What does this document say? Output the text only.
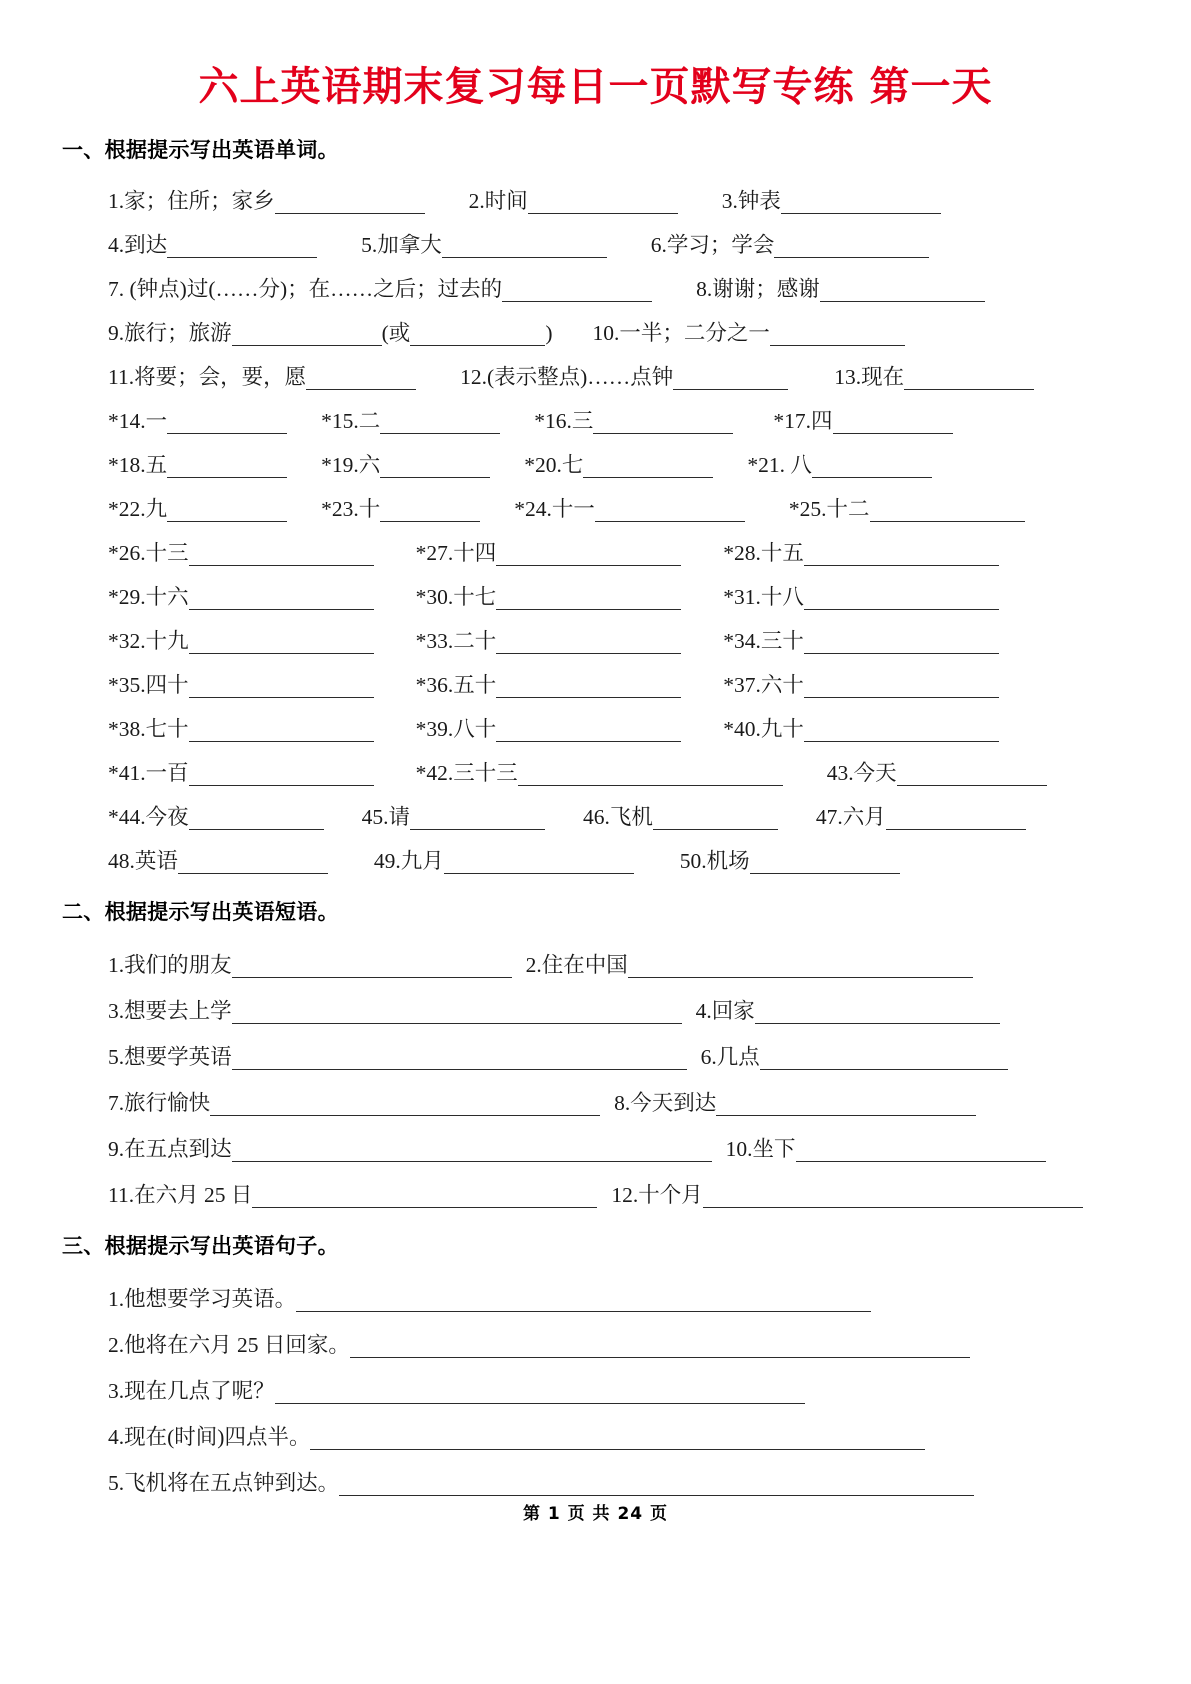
六上英语期末复习每日一页默写专练 第一天
一、根据提示写出英语单词。
1.家；住所；家乡	2.时间	3.钟表
4.到达	5.加拿大	6.学习；学会
7. (钟点)过(……分)；在……之后；过去的	8.谢谢；感谢
9.旅行；旅游	(或	) 10.一半；二分之一
11.将要；会，要，愿	12.(表示整点)……点钟	13.现在
*14.一	*15.二	*16.三	*17.四
*18.五	*19.六	*20.七	*21. 八
*22.九	*23.十	*24.十一	*25.十二
*26.十三	*27.十四	*28.十五
*29.十六	*30.十七	*31.十八
*32.十九	*33.二十	*34.三十
*35.四十	*36.五十	*37.六十
*38.七十	*39.八十	*40.九十
*41.一百	*42.三十三	43.今天
*44.今夜	45.请	46.飞机	47.六月
48.英语	49.九月	50.机场
二、根据提示写出英语短语。
1.我们的朋友	2.住在中国
3.想要去上学	4.回家
5.想要学英语	6.几点
7.旅行愉快	8.今天到达
9.在五点到达	10.坐下
11.在六月 25 日	12.十个月
三、根据提示写出英语句子。
1.他想要学习英语。
2.他将在六月 25 日回家。
3.现在几点了呢？
4.现在(时间)四点半。
5.飞机将在五点钟到达。
第 1 页 共 24 页
